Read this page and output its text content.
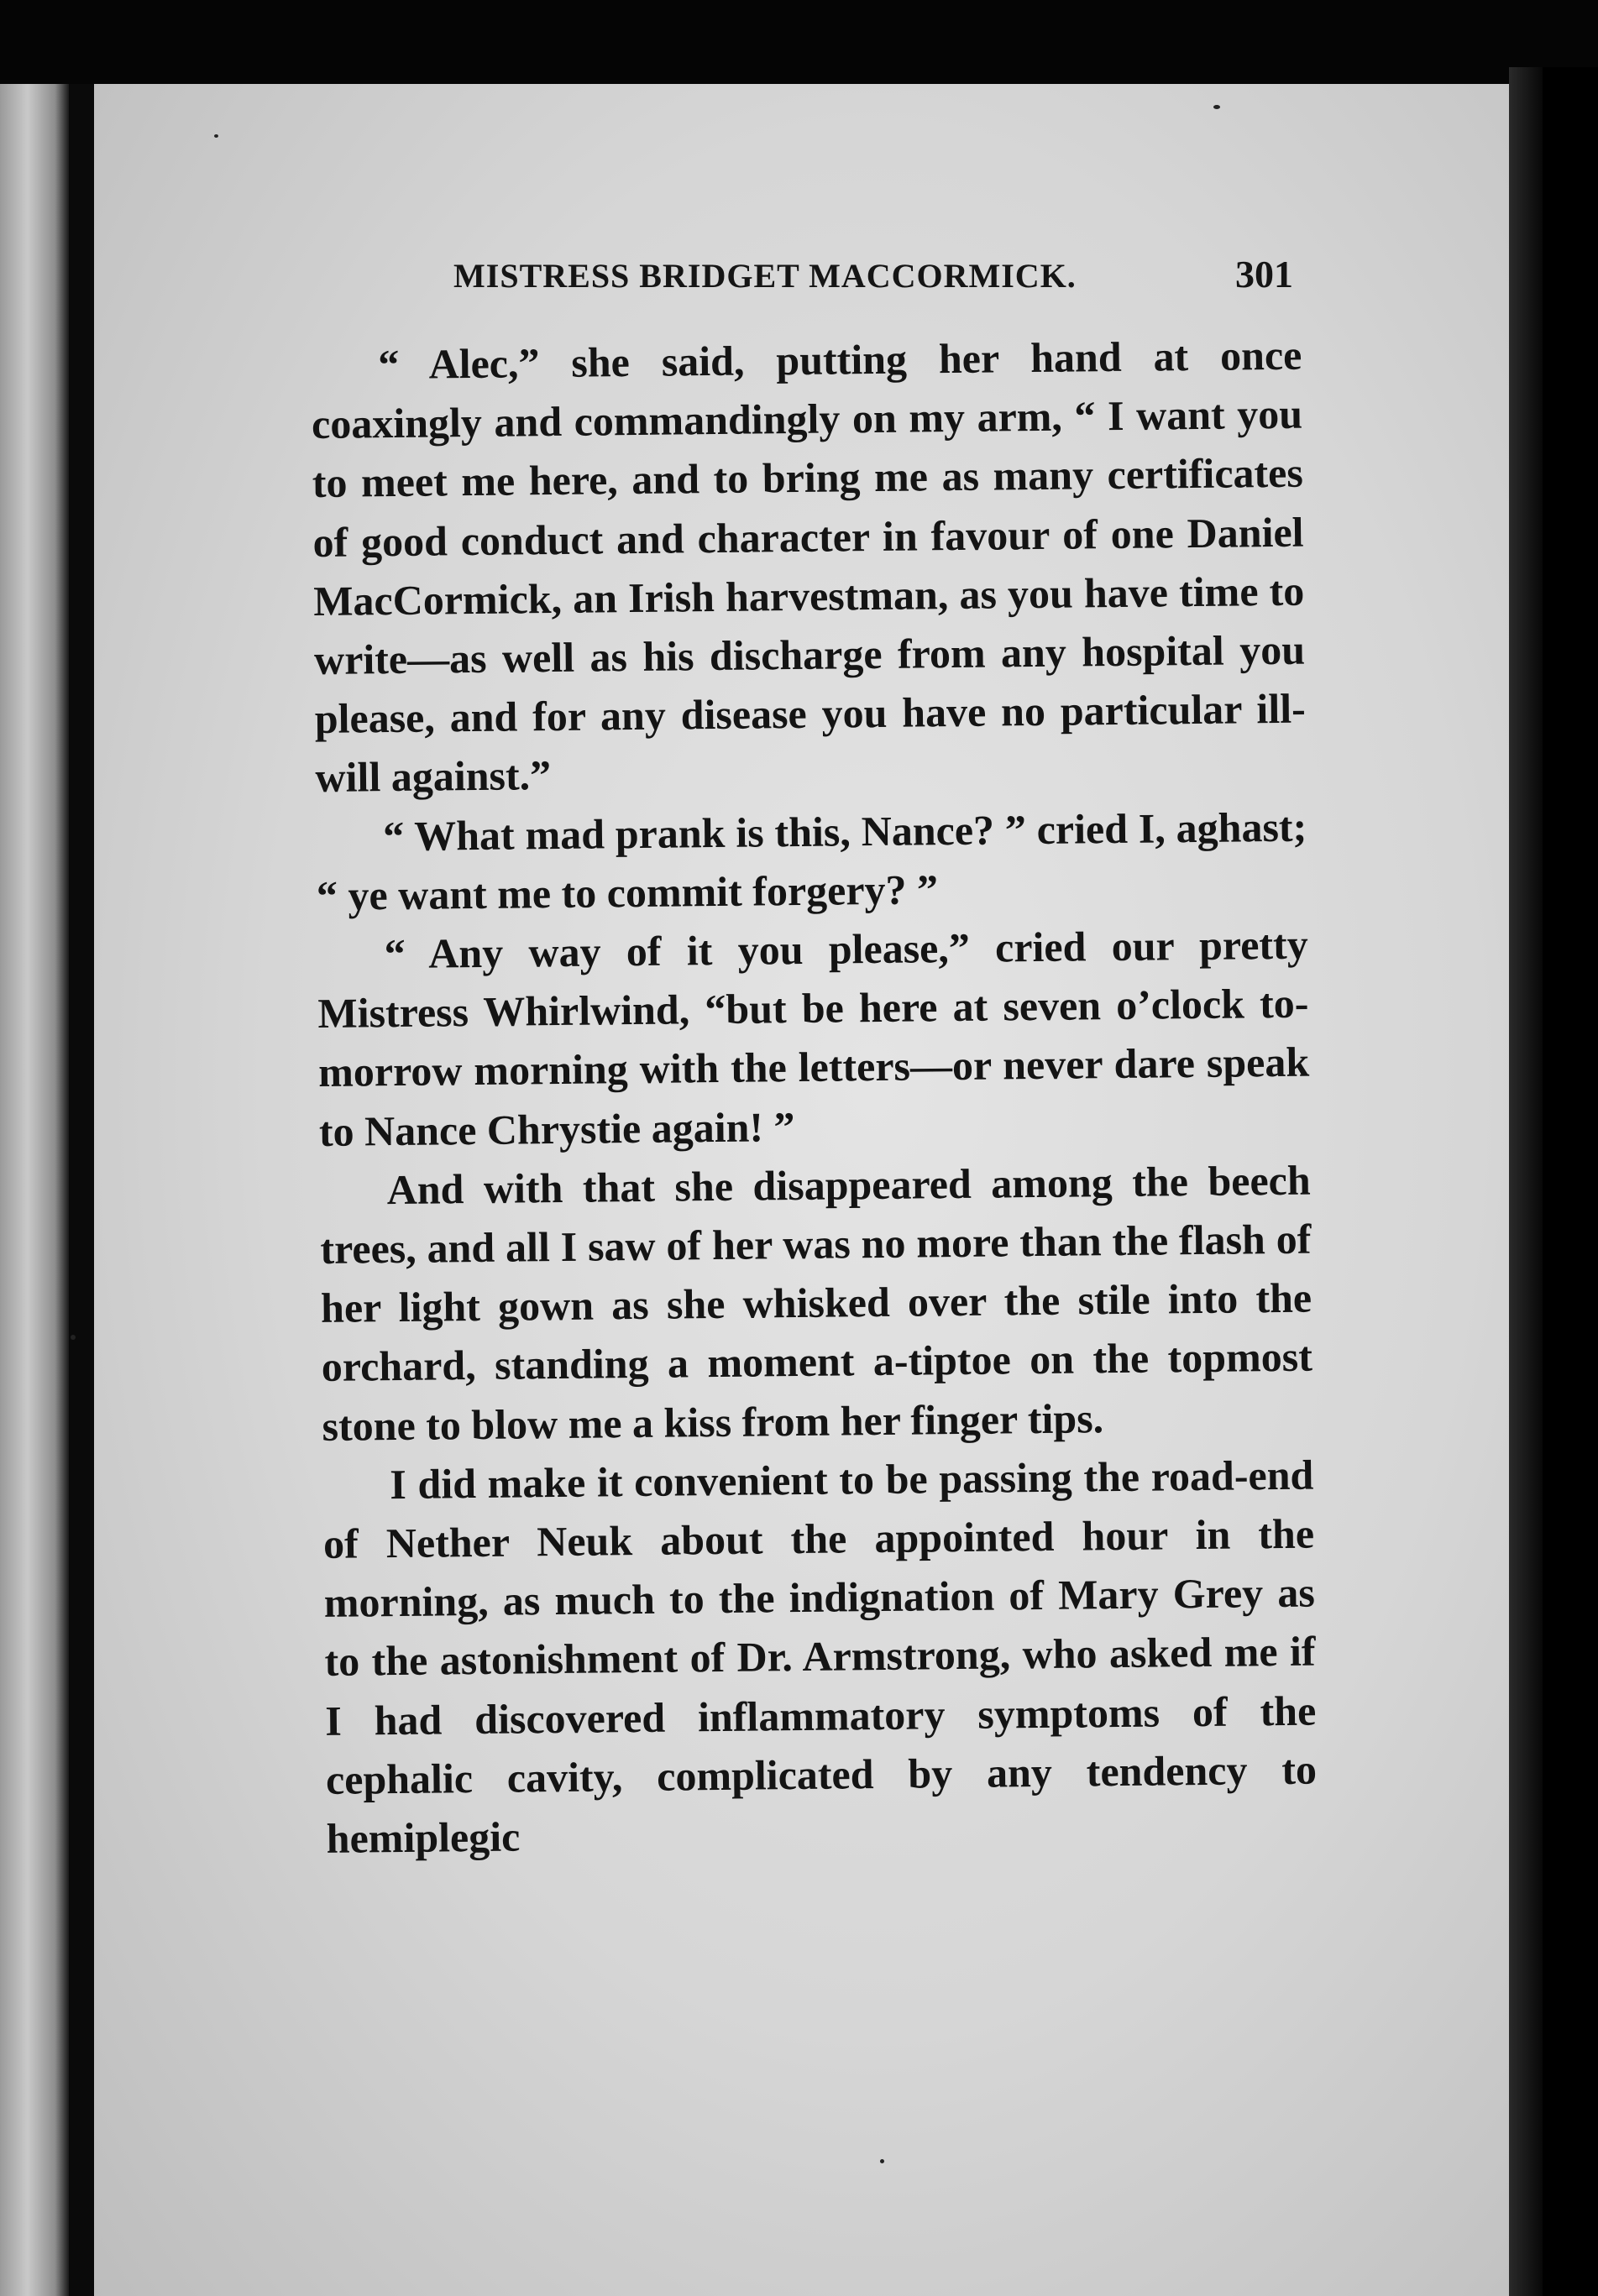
MISTRESS BRIDGET MACCORMICK.	301

“ Alec,” she said, putting her hand at once coaxingly and commandingly on my arm, “ I want you to meet me here, and to bring me as many certificates of good conduct and character in favour of one Daniel MacCormick, an Irish harvestman, as you have time to write—as well as his discharge from any hospital you please, and for any disease you have no particular ill-will against.”

“ What mad prank is this, Nance? ” cried I, aghast; “ ye want me to commit forgery? ”

“ Any way of it you please,” cried our pretty Mistress Whirlwind, “but be here at seven o’clock to-morrow morning with the letters—or never dare speak to Nance Chrystie again! ”

And with that she disappeared among the beech trees, and all I saw of her was no more than the flash of her light gown as she whisked over the stile into the orchard, standing a moment a-tiptoe on the topmost stone to blow me a kiss from her finger tips.

I did make it convenient to be passing the road-end of Nether Neuk about the appointed hour in the morning, as much to the indignation of Mary Grey as to the astonishment of Dr. Armstrong, who asked me if I had discovered inflammatory symptoms of the cephalic cavity, complicated by any tendency to hemiplegic
